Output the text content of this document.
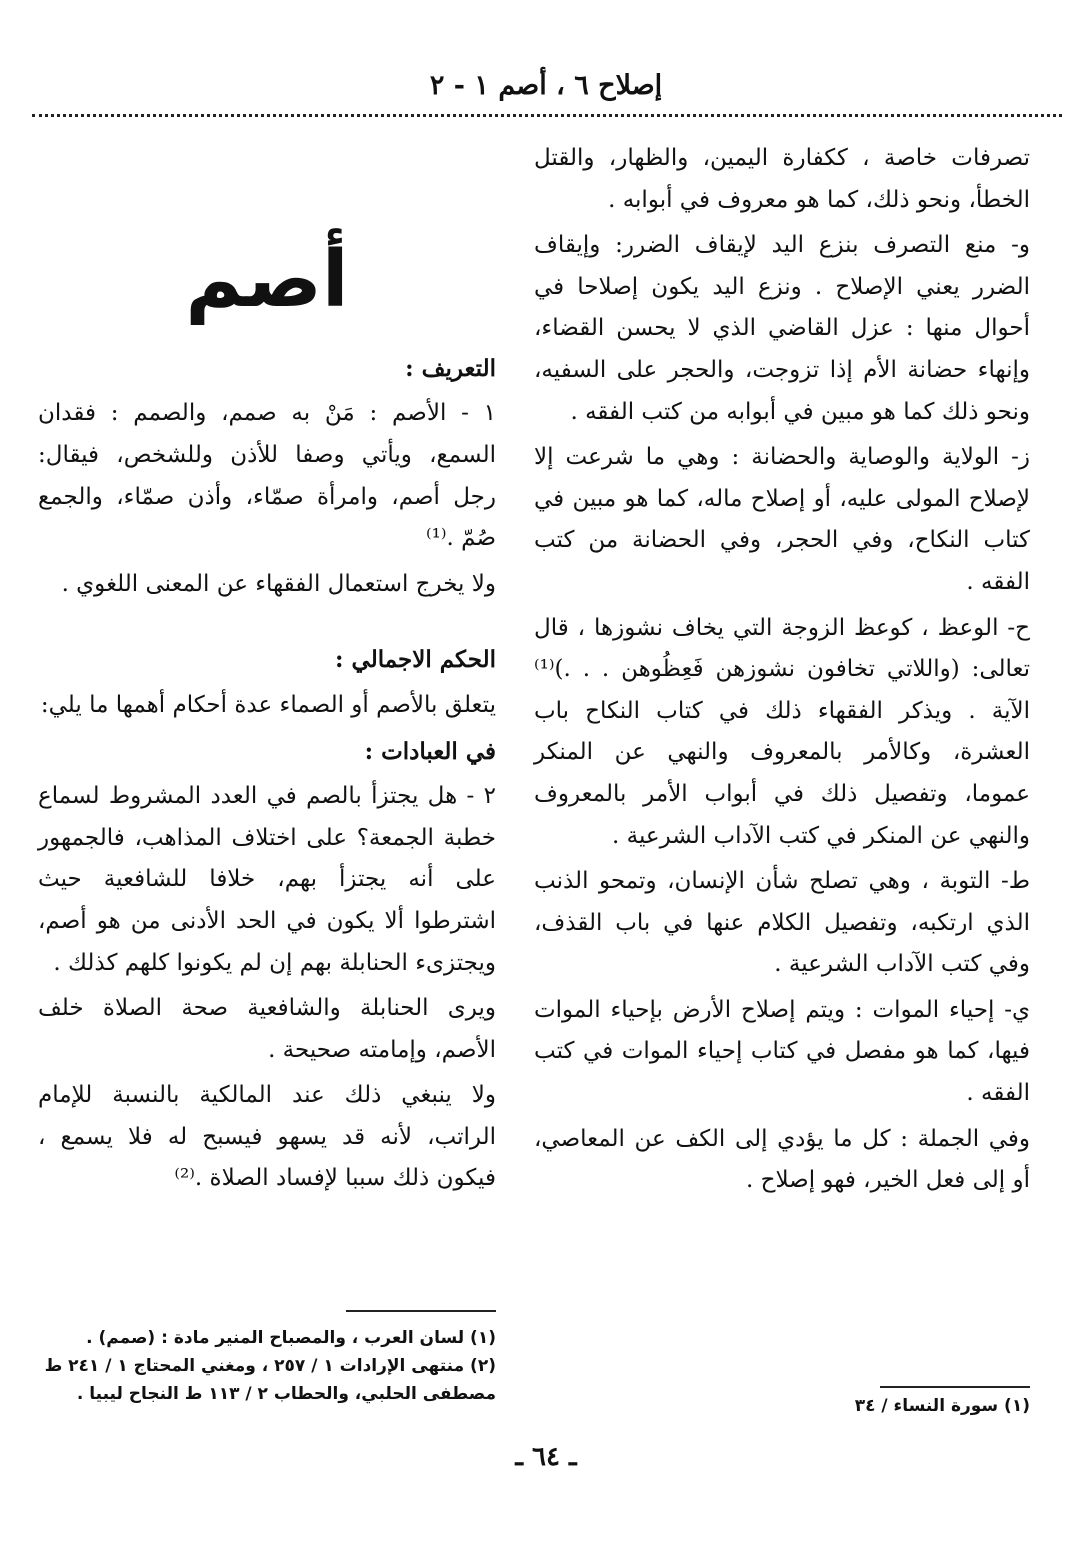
إصلاح ٦ ، أصم ١ - ٢

تصرفات خاصة ، ككفارة اليمين، والظهار، والقتل الخطأ، ونحو ذلك، كما هو معروف في أبوابه .

و- منع التصرف بنزع اليد لإيقاف الضرر: وإيقاف الضرر يعني الإصلاح . ونزع اليد يكون إصلاحا في أحوال منها : عزل القاضي الذي لا يحسن القضاء، وإنهاء حضانة الأم إذا تزوجت، والحجر على السفيه، ونحو ذلك كما هو مبين في أبوابه من كتب الفقه .

ز- الولاية والوصاية والحضانة : وهي ما شرعت إلا لإصلاح المولى عليه، أو إصلاح ماله، كما هو مبين في كتاب النكاح، وفي الحجر، وفي الحضانة من كتب الفقه .

ح- الوعظ ، كوعظ الزوجة التي يخاف نشوزها ، قال تعالى: (واللاتي تخافون نشوزهن فَعِظُوهن . . .)⁽¹⁾ الآية . ويذكر الفقهاء ذلك في كتاب النكاح باب العشرة، وكالأمر بالمعروف والنهي عن المنكر عموما، وتفصيل ذلك في أبواب الأمر بالمعروف والنهي عن المنكر في كتب الآداب الشرعية .

ط- التوبة ، وهي تصلح شأن الإنسان، وتمحو الذنب الذي ارتكبه، وتفصيل الكلام عنها في باب القذف، وفي كتب الآداب الشرعية .

ي- إحياء الموات : ويتم إصلاح الأرض بإحياء الموات فيها، كما هو مفصل في كتاب إحياء الموات في كتب الفقه .

وفي الجملة : كل ما يؤدي إلى الكف عن المعاصي، أو إلى فعل الخير، فهو إصلاح .

أصم

التعريف :

١ - الأصم : مَنْ به صمم، والصمم : فقدان السمع، ويأتي وصفا للأذن وللشخص، فيقال: رجل أصم، وامرأة صمّاء، وأذن صمّاء، والجمع صُمّ .⁽¹⁾

ولا يخرج استعمال الفقهاء عن المعنى اللغوي .

الحكم الاجمالي :

يتعلق بالأصم أو الصماء عدة أحكام أهمها ما يلي:

في العبادات :

٢ - هل يجتزأ بالصم في العدد المشروط لسماع خطبة الجمعة؟ على اختلاف المذاهب، فالجمهور على أنه يجتزأ بهم، خلافا للشافعية حيث اشترطوا ألا يكون في الحد الأدنى من هو أصم، ويجتزىء الحنابلة بهم إن لم يكونوا كلهم كذلك .

ويرى الحنابلة والشافعية صحة الصلاة خلف الأصم، وإمامته صحيحة .

ولا ينبغي ذلك عند المالكية بالنسبة للإمام الراتب، لأنه قد يسهو فيسبح له فلا يسمع ، فيكون ذلك سببا لإفساد الصلاة .⁽²⁾

(١) لسان العرب ، والمصباح المنير مادة : (صمم) .
(٢) منتهى الإرادات ١ / ٢٥٧ ، ومغني المحتاج ١ / ٢٤١ ط مصطفى الحلبي، والحطاب ٢ / ١١٣ ط النجاح ليبيا .
(١) سورة النساء / ٣٤
ـ ٦٤ ـ
